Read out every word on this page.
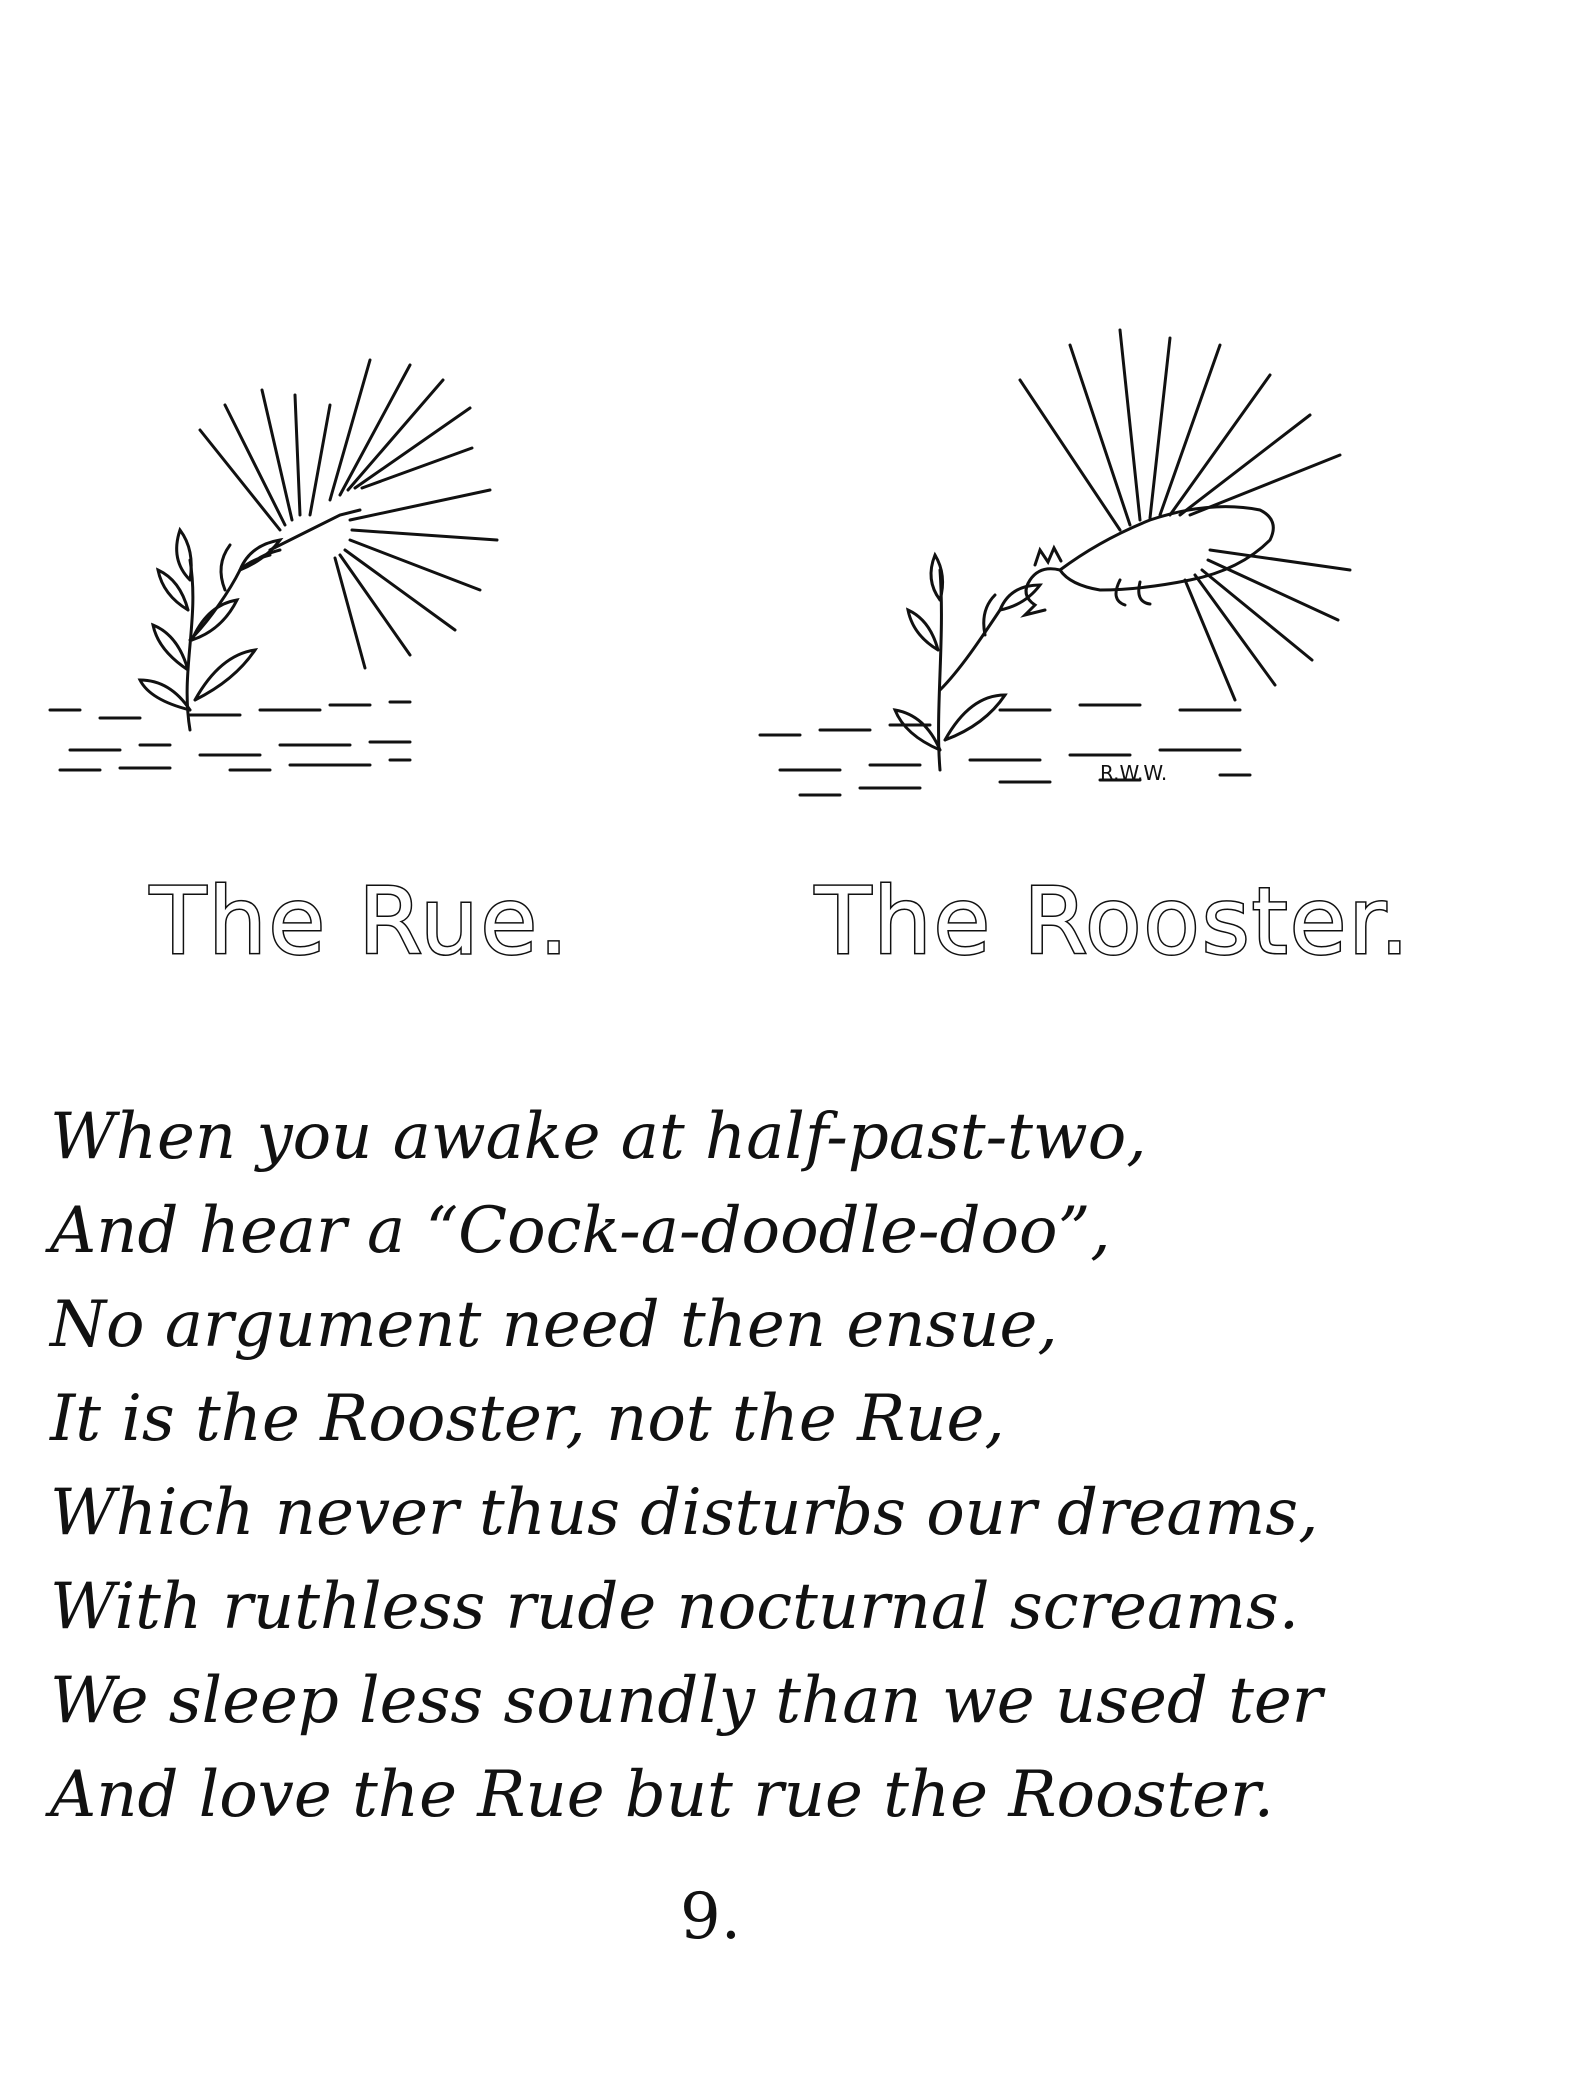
R.W.W.
The Rue.	The Rooster.
When you awake at half-past-two,
And hear a “Cock-a-doodle-doo”,
No argument need then ensue,
It is the Rooster, not the Rue,
Which never thus disturbs our dreams,
With ruthless rude nocturnal screams.
We sleep less soundly than we used ter
And love the Rue but rue the Rooster.
9.
